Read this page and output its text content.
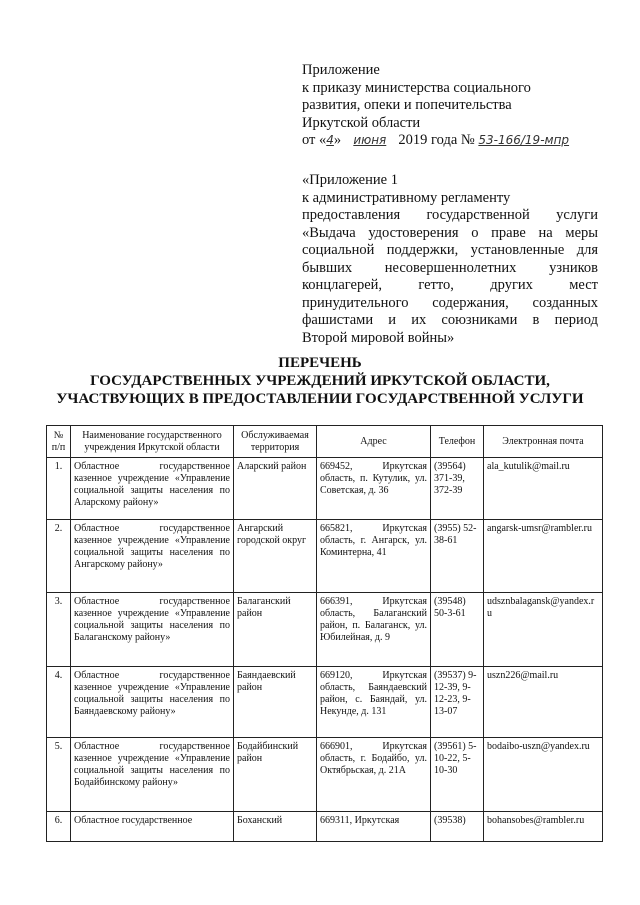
Приложение
к приказу министерства социального
развития, опеки и попечительства
Иркутской области
от «4» июня 2019 года № 53-166/19-мпр
«Приложение 1
к административному регламенту
предоставления государственной услуги
«Выдача удостоверения о праве на меры
социальной поддержки, установленные для
бывших несовершеннолетних узников
концлагерей, гетто, других мест
принудительного содержания, созданных
фашистами и их союзниками в период
Второй мировой войны»
ПЕРЕЧЕНЬ
ГОСУДАРСТВЕННЫХ УЧРЕЖДЕНИЙ ИРКУТСКОЙ ОБЛАСТИ,
УЧАСТВУЮЩИХ В ПРЕДОСТАВЛЕНИИ ГОСУДАРСТВЕННОЙ УСЛУГИ
№ п/п	Наименование государственного учреждения Иркутской области	Обслуживаемая территория	Адрес	Телефон	Электронная почта
1.	Областное государственное казенное учреждение «Управление социальной защиты населения по Аларскому району»	Аларский район	669452, Иркутская область, п. Кутулик, ул. Советская, д. 36	(39564) 371-39, 372-39	ala_kutulik@mail.ru
2.	Областное государственное казенное учреждение «Управление социальной защиты населения по Ангарскому району»	Ангарский городской округ	665821, Иркутская область, г. Ангарск, ул. Коминтерна, 41	(3955) 52-38-61	angarsk-umsr@rambler.ru
3.	Областное государственное казенное учреждение «Управление социальной защиты населения по Балаганскому району»	Балаганский район	666391, Иркутская область, Балаганский район, п. Балаганск, ул. Юбилейная, д. 9	(39548) 50-3-61	udsznbalagansk@yandex.ru
4.	Областное государственное казенное учреждение «Управление социальной защиты населения по Баяндаевскому району»	Баяндаевский район	669120, Иркутская область, Баяндаевский район, с. Баяндай, ул. Некунде, д. 131	(39537) 9-12-39, 9-12-23, 9-13-07	uszn226@mail.ru
5.	Областное государственное казенное учреждение «Управление социальной защиты населения по Бодайбинскому району»	Бодайбинский район	666901, Иркутская область, г. Бодайбо, ул. Октябрьская, д. 21А	(39561) 5-10-22, 5-10-30	bodaibo-uszn@yandex.ru
6.	Областное государственное	Боханский	669311, Иркутская	(39538)	bohansobes@rambler.ru
